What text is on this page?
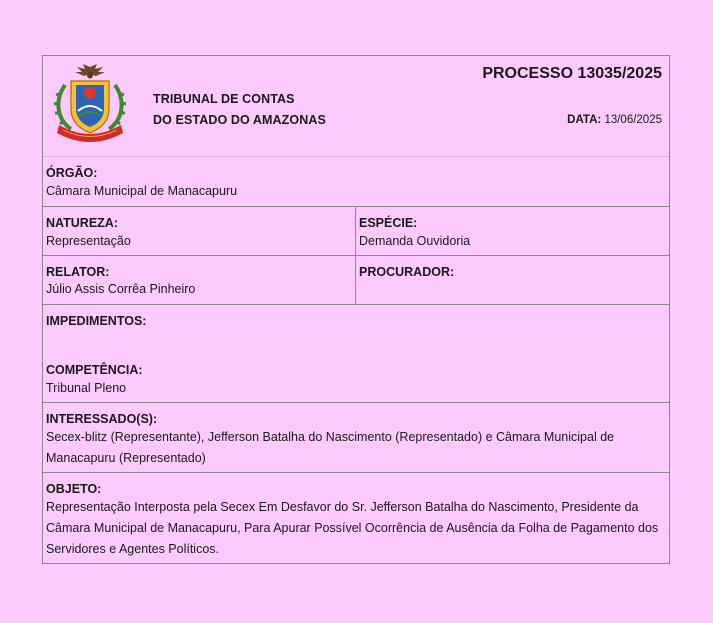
TRIBUNAL DE CONTAS
DO ESTADO DO AMAZONAS
PROCESSO 13035/2025
DATA: 13/06/2025
ÓRGÃO:
Câmara Municipal de Manacapuru
NATUREZA:
Representação
ESPÉCIE:
Demanda Ouvidoria
RELATOR:
Júlio Assis Corrêa Pinheiro
PROCURADOR:
IMPEDIMENTOS:
COMPETÊNCIA:
Tribunal Pleno
INTERESSADO(S):
Secex-blitz (Representante), Jefferson Batalha do Nascimento (Representado) e Câmara Municipal de Manacapuru (Representado)
OBJETO:
Representação Interposta pela Secex Em Desfavor do Sr. Jefferson Batalha do Nascimento, Presidente da Câmara Municipal de Manacapuru, Para Apurar Possível Ocorrência de Ausência da Folha de Pagamento dos Servidores e Agentes Políticos.
